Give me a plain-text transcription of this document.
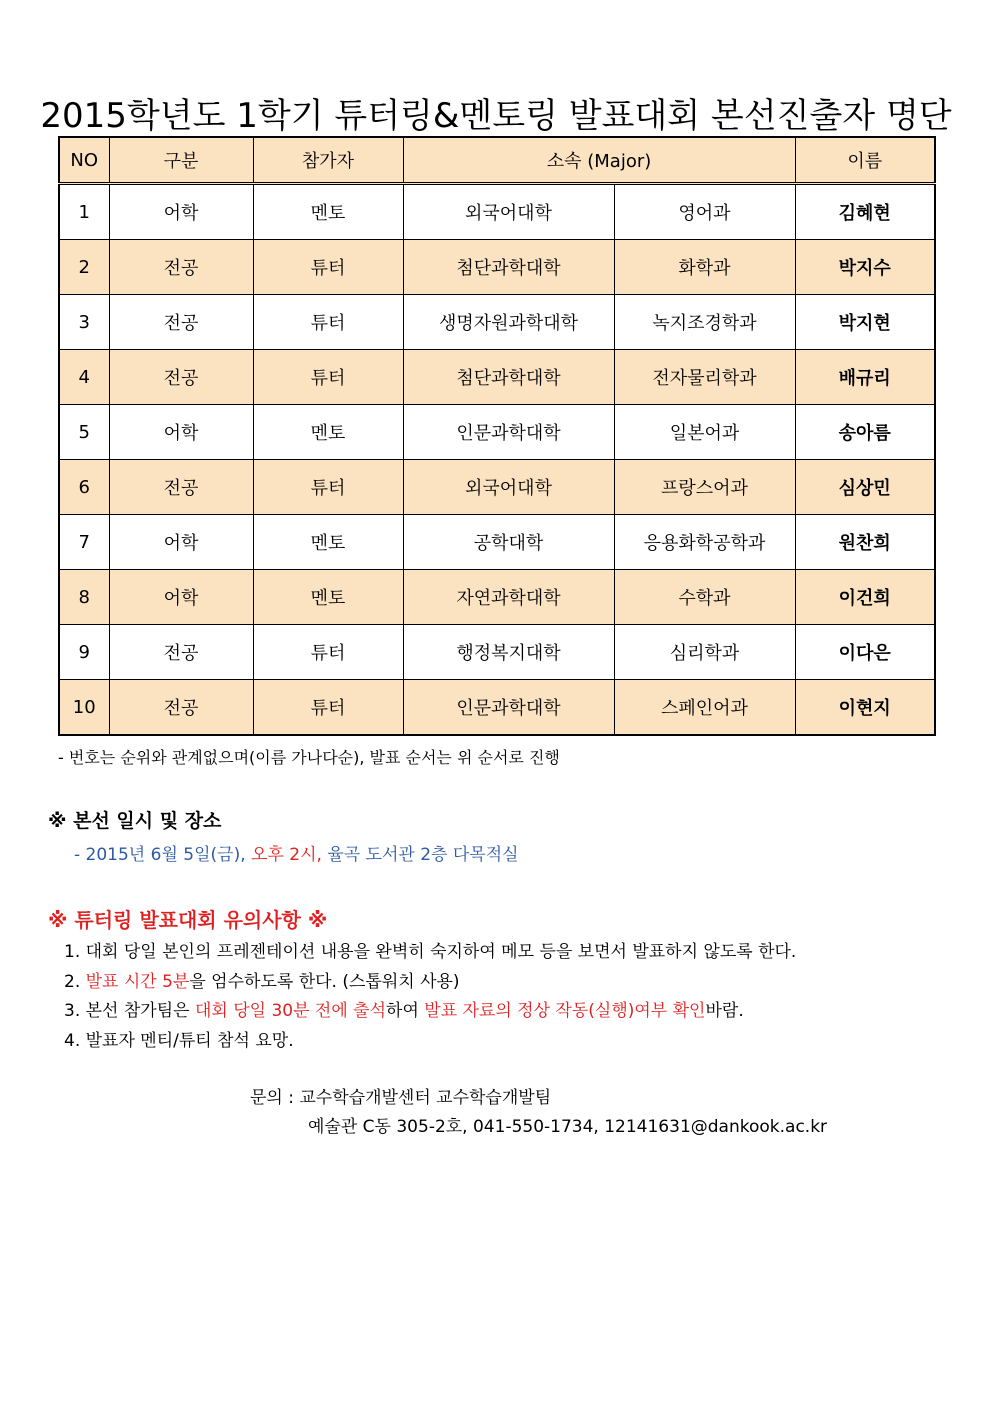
2015학년도 1학기 튜터링&멘토링 발표대회 본선진출자 명단
NO	구분	참가자	소속 (Major)		이름
1	어학	멘토	외국어대학	영어과	김혜현
2	전공	튜터	첨단과학대학	화학과	박지수
3	전공	튜터	생명자원과학대학	녹지조경학과	박지현
4	전공	튜터	첨단과학대학	전자물리학과	배규리
5	어학	멘토	인문과학대학	일본어과	송아름
6	전공	튜터	외국어대학	프랑스어과	심상민
7	어학	멘토	공학대학	응용화학공학과	원찬희
8	어학	멘토	자연과학대학	수학과	이건희
9	전공	튜터	행정복지대학	심리학과	이다은
10	전공	튜터	인문과학대학	스페인어과	이현지
- 번호는 순위와 관계없으며(이름 가나다순), 발표 순서는 위 순서로 진행
※ 본선 일시 및 장소
- 2015년 6월 5일(금), 오후 2시, 율곡 도서관 2층 다목적실
※ 튜터링 발표대회 유의사항 ※
1. 대회 당일 본인의 프레젠테이션 내용을 완벽히 숙지하여 메모 등을 보면서 발표하지 않도록 한다.
2. 발표 시간 5분을 엄수하도록 한다. (스톱워치 사용)
3. 본선 참가팀은 대회 당일 30분 전에 출석하여 발표 자료의 정상 작동(실행)여부 확인바람.
4. 발표자 멘티/튜티 참석 요망.
문의 : 교수학습개발센터 교수학습개발팀
예술관 C동 305-2호, 041-550-1734, 12141631@dankook.ac.kr
